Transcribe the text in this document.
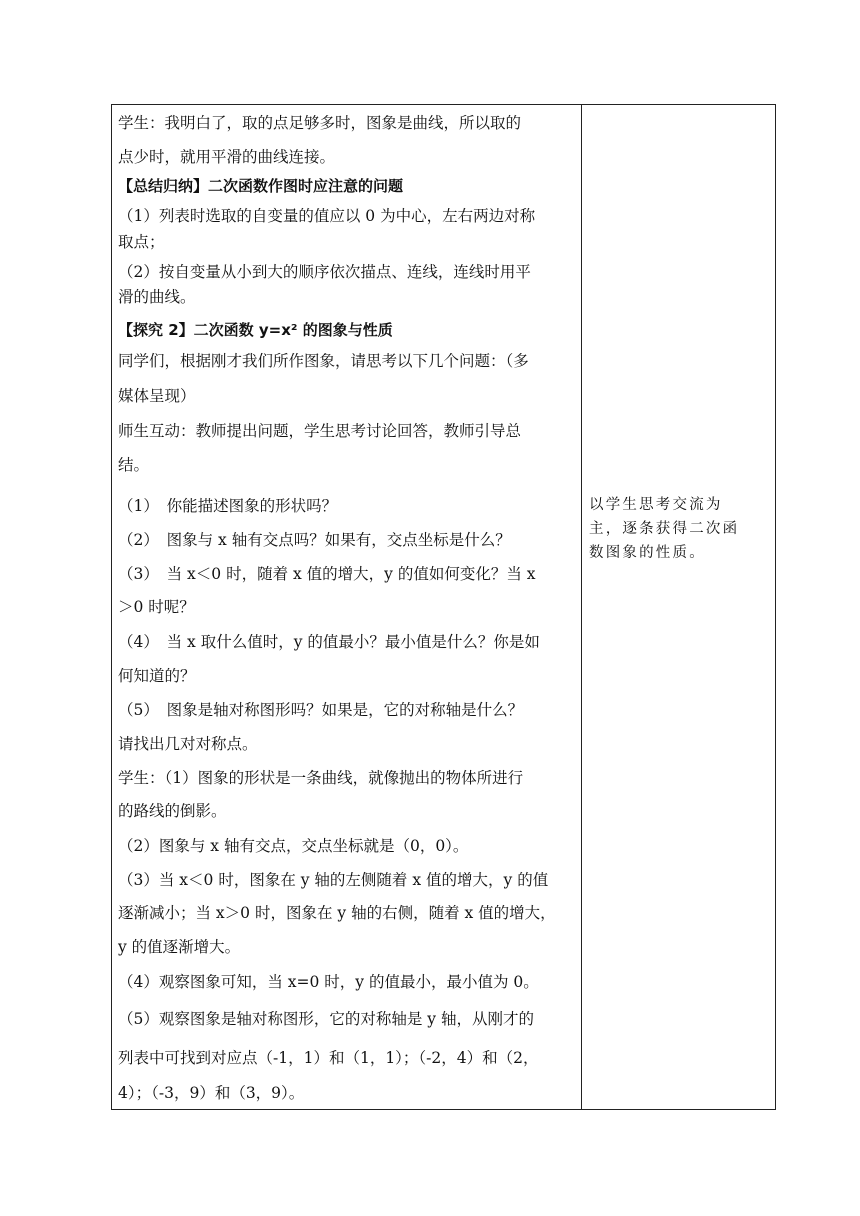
学生：我明白了，取的点足够多时，图象是曲线，所以取的
点少时，就用平滑的曲线连接。
【总结归纳】二次函数作图时应注意的问题
（1）列表时选取的自变量的值应以 0 为中心，左右两边对称
取点；
（2）按自变量从小到大的顺序依次描点、连线，连线时用平
滑的曲线。
【探究 2】二次函数 y=x² 的图象与性质
同学们，根据刚才我们所作图象，请思考以下几个问题：（多
媒体呈现）
师生互动：教师提出问题，学生思考讨论回答，教师引导总
结。
（1）　你能描述图象的形状吗？
（2）　图象与 x 轴有交点吗？如果有，交点坐标是什么？
（3）　当 x＜0 时，随着 x 值的增大，y 的值如何变化？当 x
＞0 时呢？
（4）　当 x 取什么值时，y 的值最小？最小值是什么？你是如
何知道的？
（5）　图象是轴对称图形吗？如果是，它的对称轴是什么？
请找出几对对称点。
学生：（1）图象的形状是一条曲线，就像抛出的物体所进行
的路线的倒影。
（2）图象与 x 轴有交点，交点坐标就是（0，0）。
（3）当 x＜0 时，图象在 y 轴的左侧随着 x 值的增大，y 的值
逐渐减小；当 x＞0 时，图象在 y 轴的右侧，随着 x 值的增大，
y 的值逐渐增大。
（4）观察图象可知，当 x=0 时，y 的值最小，最小值为 0。
（5）观察图象是轴对称图形，它的对称轴是 y 轴，从刚才的
列表中可找到对应点（-1，1）和（1，1）；（-2，4）和（2，
4）；（-3，9）和（3，9）。
以学生思考交流为
主，逐条获得二次函
数图象的性质。
